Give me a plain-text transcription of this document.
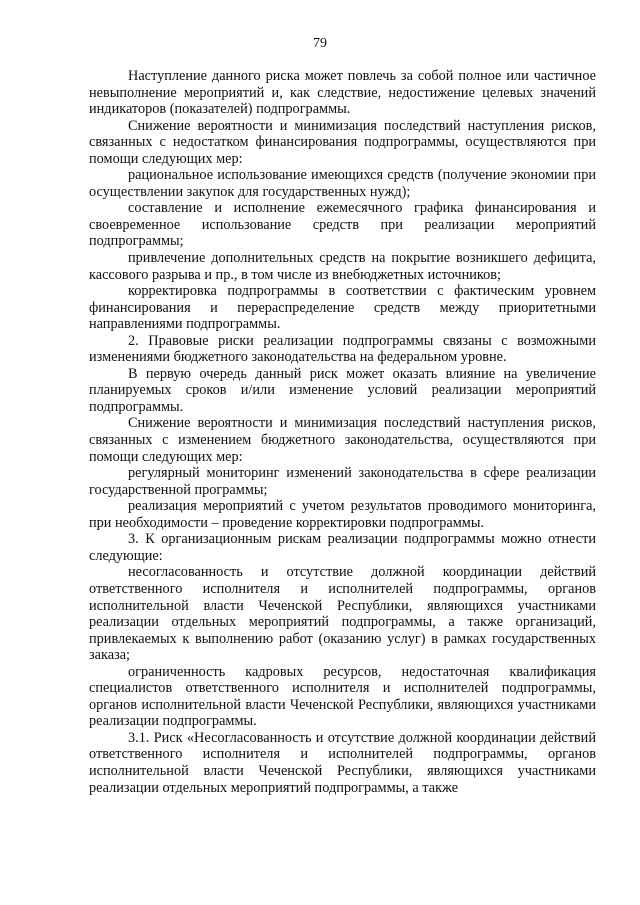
79

Наступление данного риска может повлечь за собой полное или частичное невыполнение мероприятий и, как следствие, недостижение целевых значений индикаторов (показателей) подпрограммы.

Снижение вероятности и минимизация последствий наступления рисков, связанных с недостатком финансирования подпрограммы, осуществляются при помощи следующих мер:

рациональное использование имеющихся средств (получение экономии при осуществлении закупок для государственных нужд);

составление и исполнение ежемесячного графика финансирования и своевременное использование средств при реализации мероприятий подпрограммы;

привлечение дополнительных средств на покрытие возникшего дефицита, кассового разрыва и пр., в том числе из внебюджетных источников;

корректировка подпрограммы в соответствии с фактическим уровнем финансирования и перераспределение средств между приоритетными направлениями подпрограммы.

2. Правовые риски реализации подпрограммы связаны с возможными изменениями бюджетного законодательства на федеральном уровне.

В первую очередь данный риск может оказать влияние на увеличение планируемых сроков и/или изменение условий реализации мероприятий подпрограммы.

Снижение вероятности и минимизация последствий наступления рисков, связанных с изменением бюджетного законодательства, осуществляются при помощи следующих мер:

регулярный мониторинг изменений законодательства в сфере реализации государственной программы;

реализация мероприятий с учетом результатов проводимого мониторинга, при необходимости – проведение корректировки подпрограммы.

3. К организационным рискам реализации подпрограммы можно отнести следующие:

несогласованность и отсутствие должной координации действий ответственного исполнителя и исполнителей подпрограммы, органов исполнительной власти Чеченской Республики, являющихся участниками реализации отдельных мероприятий подпрограммы, а также организаций, привлекаемых к выполнению работ (оказанию услуг) в рамках государственных заказа;

ограниченность кадровых ресурсов, недостаточная квалификация специалистов ответственного исполнителя и исполнителей подпрограммы, органов исполнительной власти Чеченской Республики, являющихся участниками реализации подпрограммы.

3.1. Риск «Несогласованность и отсутствие должной координации действий ответственного исполнителя и исполнителей подпрограммы, органов исполнительной власти Чеченской Республики, являющихся участниками реализации отдельных мероприятий подпрограммы, а также
